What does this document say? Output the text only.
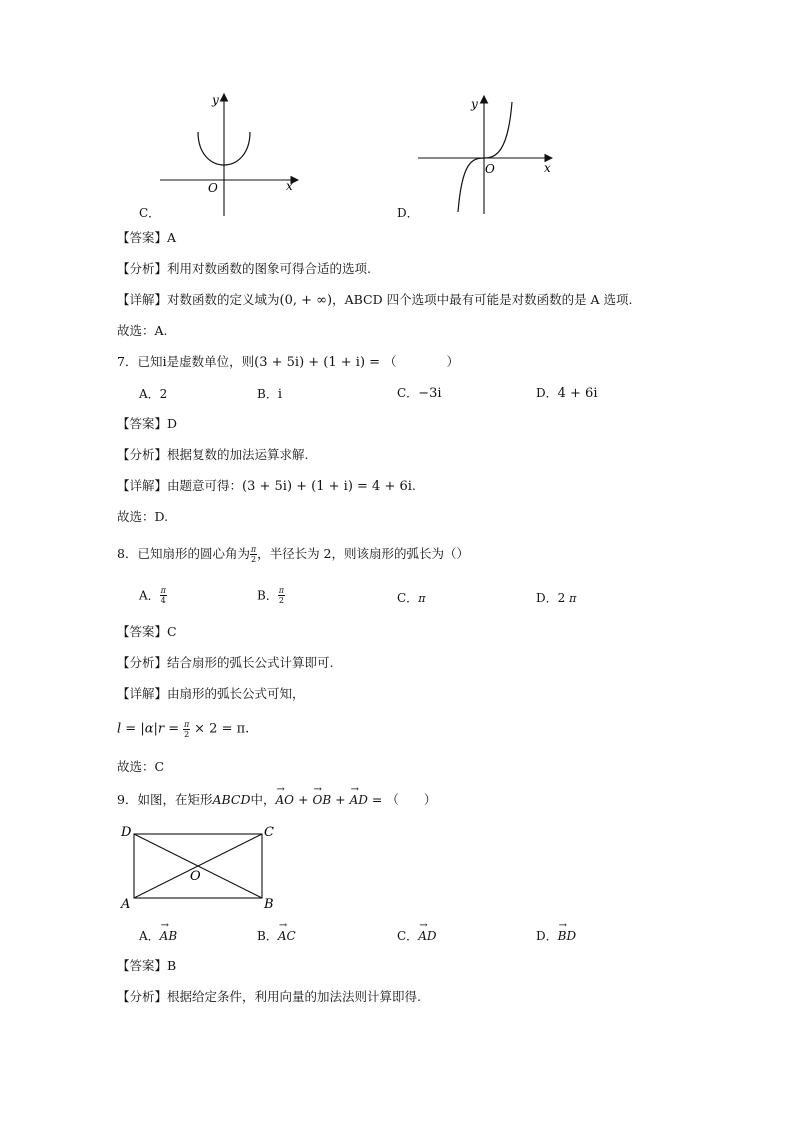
y
x
O
C．
y
x
O
D．
【答案】A
【分析】利用对数函数的图象可得合适的选项.
【详解】对数函数的定义域为(0, + ∞)，ABCD 四个选项中最有可能是对数函数的是 A 选项.
故选：A.
7．已知i是虚数单位，则(3 + 5i) + (1 + i) = （　　　　）
A．2	B．i	C．−3i	D．4 + 6i
【答案】D
【分析】根据复数的加法运算求解.
【详解】由题意可得：(3 + 5i) + (1 + i) = 4 + 6i.
故选：D.
8．已知扇形的圆心角为 $\frac{\pi}{2}$ ，半径长为 2，则该扇形的弧长为（）
A． $\frac{\pi}{4}$	B． $\frac{\pi}{2}$	C．π	D．2 π
【答案】C
【分析】结合扇形的弧长公式计算即可.
【详解】由扇形的弧长公式可知，
$l = |\alpha|r = \frac{\pi}{2} \times 2 = \pi$.
故选：C
9．如图，在矩形ABCD中，→ AO + → OB + → AD = （　　）
D	C
A	B
O
A．→ AB	B．→ AC	C．→ AD	D．→ BD
【答案】B
【分析】根据给定条件，利用向量的加法法则计算即得.
